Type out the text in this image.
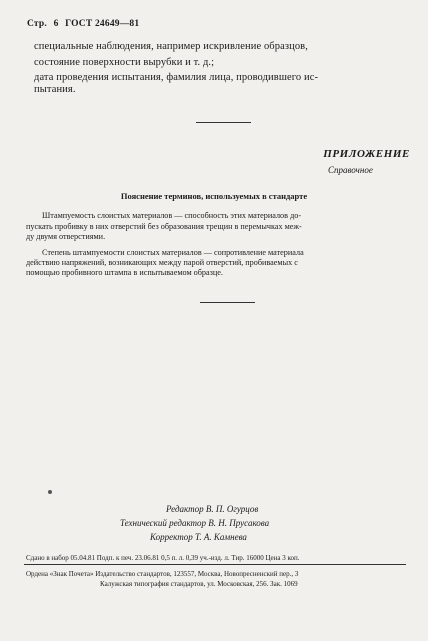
Стр. 6 ГОСТ 24649—81
специальные наблюдения, например искривление образцов,
состояние поверхности вырубки и т. д.;
дата проведения испытания, фамилия лица, проводившего ис-
пытания.
ПРИЛОЖЕНИЕ
Справочное
Пояснение терминов, используемых в стандарте
Штампуемость слоистых материалов — способность этих материалов до-
пускать пробивку в них отверстий без образования трещин в перемычках меж-
ду двумя отверстиями.
Степень штампуемости слоистых материалов — сопротивление материала
действию напряжений, возникающих между парой отверстий, пробиваемых с
помощью пробивного штампа в испытываемом образце.
Редактор В. П. Огурцов
Технический редактор В. Н. Прусакова
Корректор Т. А. Камнева
Сдано в набор 05.04.81 Подп. к печ. 23.06.81 0,5 п. л. 0,39 уч.-изд. л. Тир. 16000 Цена 3 коп.
Ордена «Знак Почета» Издательство стандартов, 123557, Москва, Новопресненский пер., 3
Калужская типография стандартов, ул. Московская, 256. Зак. 1069
